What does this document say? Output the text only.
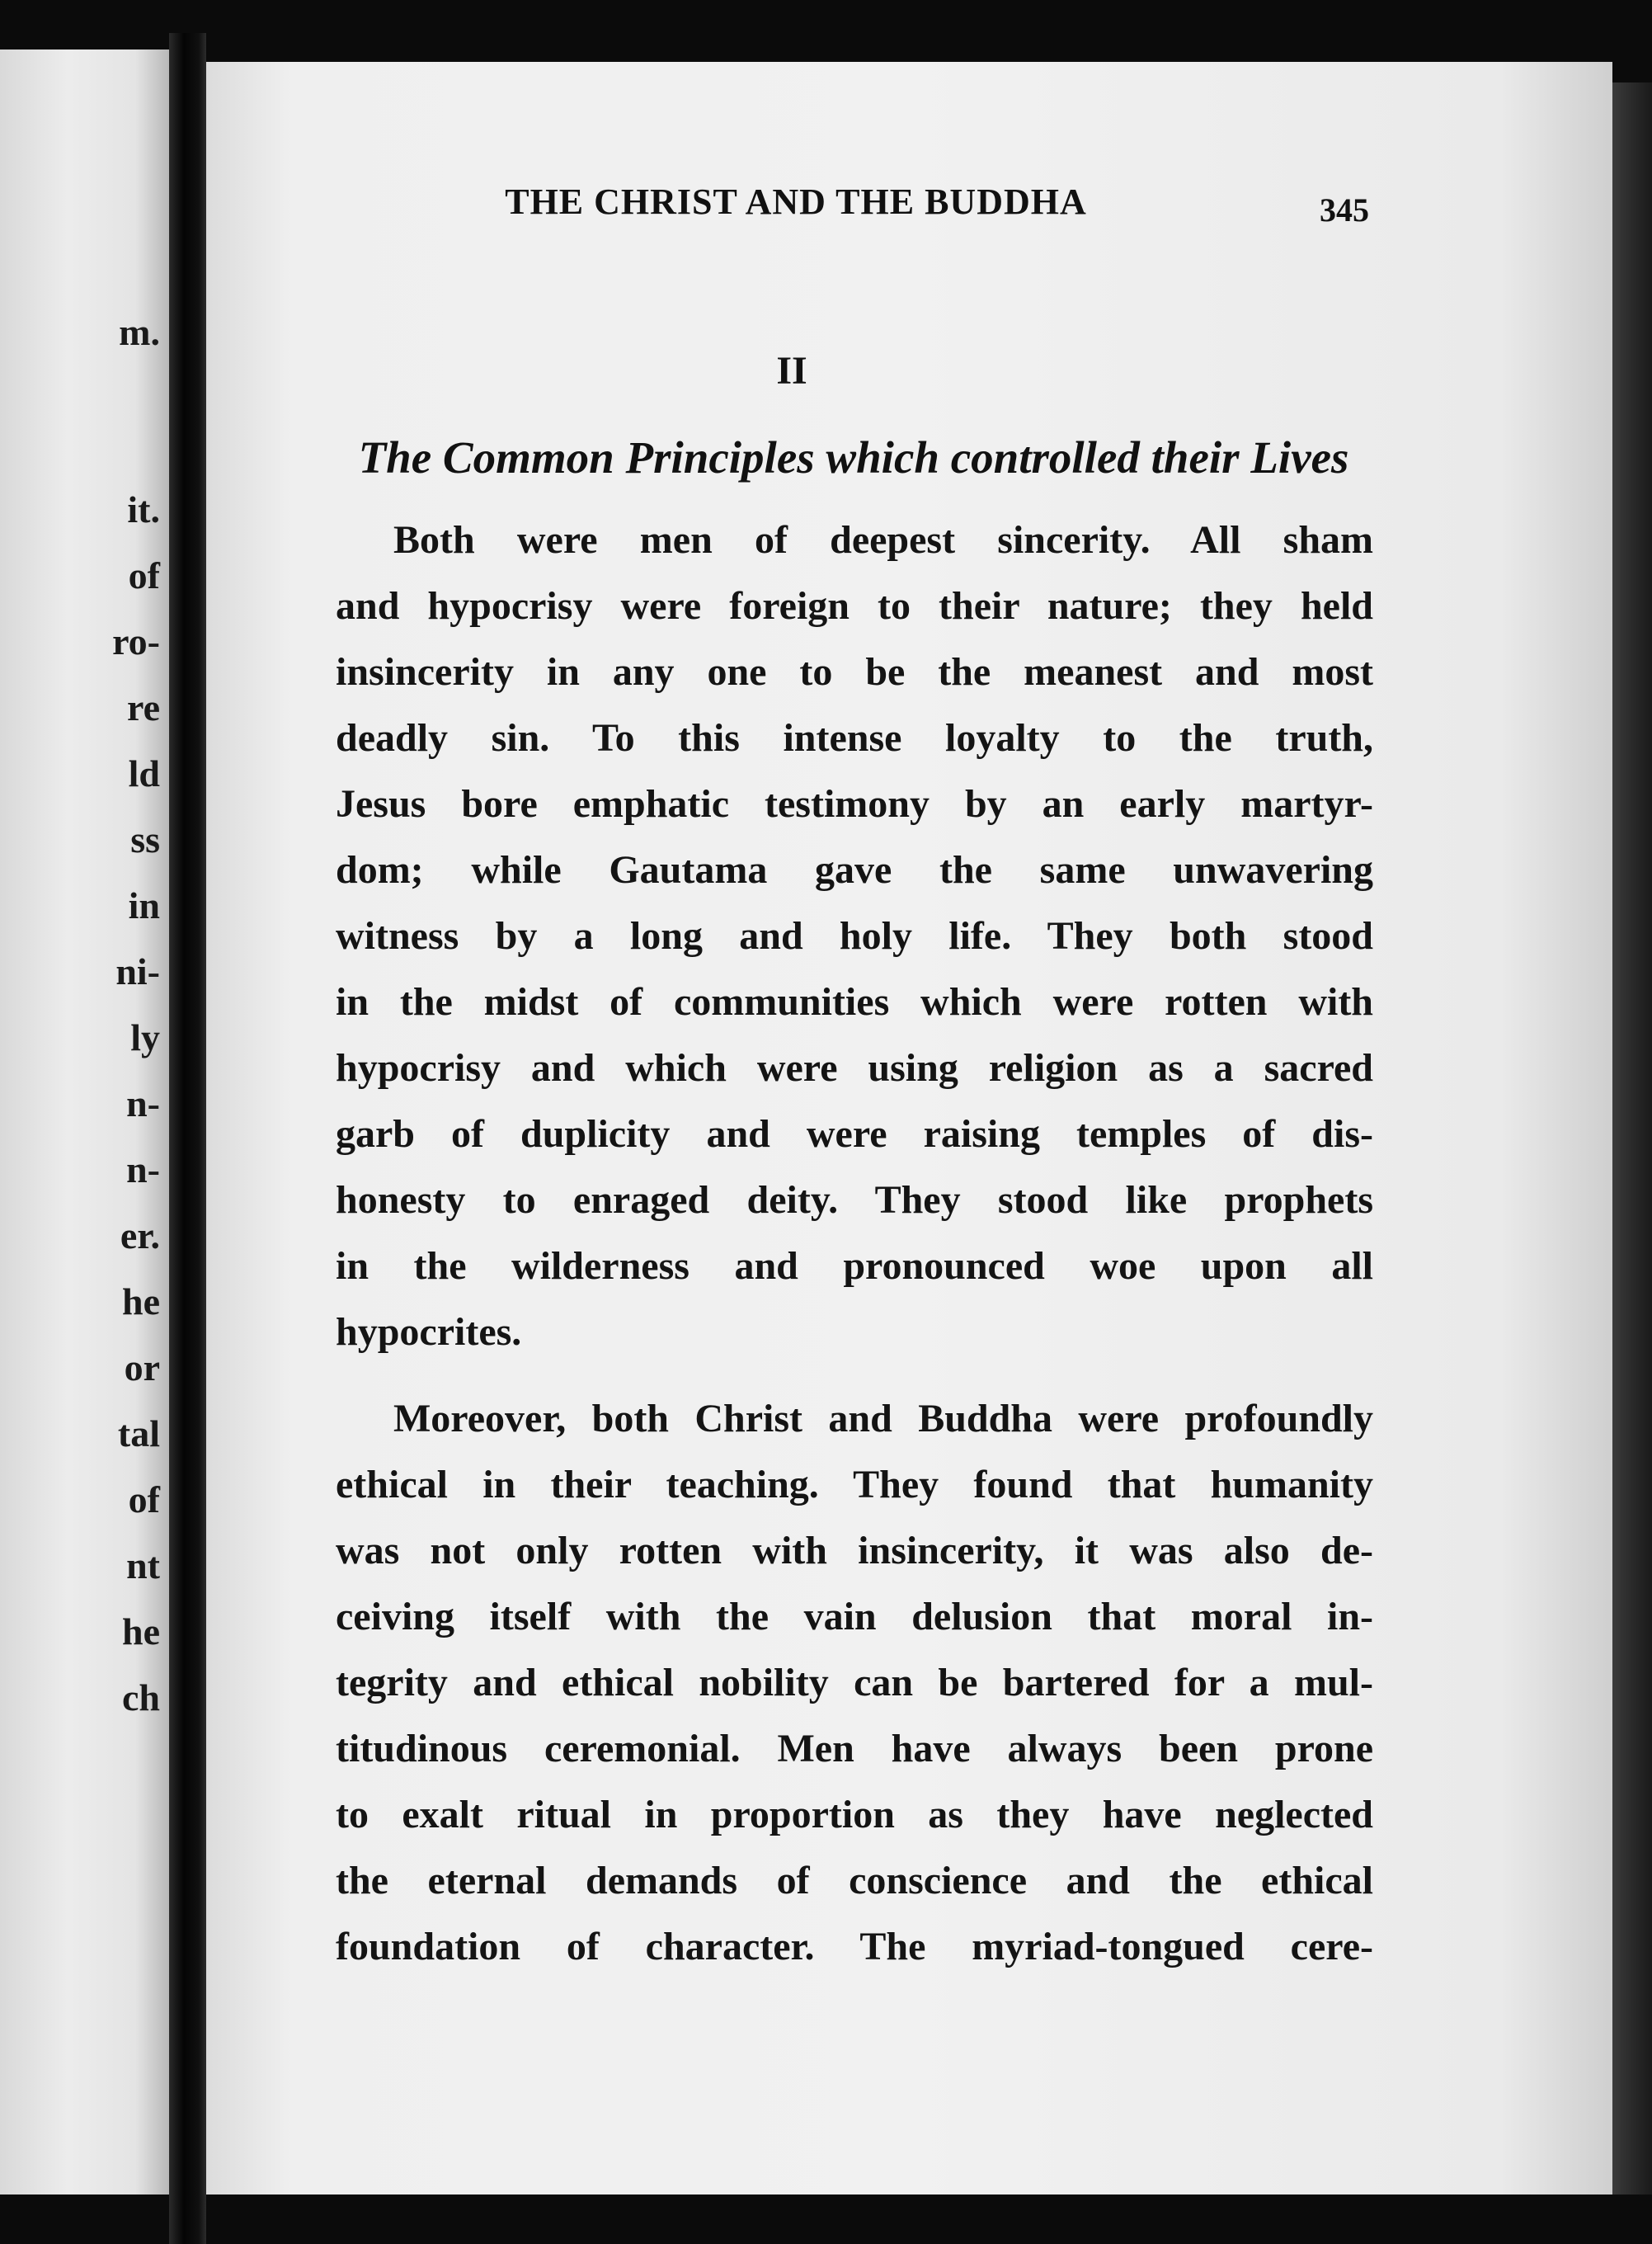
m.
it.
of
ro-
re
ld
ss
in
ni-
ly
n-
n-
er.
he
or
tal
of
nt
he
ch
THE CHRIST AND THE BUDDHA	345
II
The Common Principles which controlled their Lives
Both were men of deepest sincerity. All sham
and hypocrisy were foreign to their nature; they held
insincerity in any one to be the meanest and most
deadly sin. To this intense loyalty to the truth,
Jesus bore emphatic testimony by an early martyr-
dom; while Gautama gave the same unwavering
witness by a long and holy life. They both stood
in the midst of communities which were rotten with
hypocrisy and which were using religion as a sacred
garb of duplicity and were raising temples of dis-
honesty to enraged deity. They stood like prophets
in the wilderness and pronounced woe upon all
hypocrites.
Moreover, both Christ and Buddha were profoundly
ethical in their teaching. They found that humanity
was not only rotten with insincerity, it was also de-
ceiving itself with the vain delusion that moral in-
tegrity and ethical nobility can be bartered for a mul-
titudinous ceremonial. Men have always been prone
to exalt ritual in proportion as they have neglected
the eternal demands of conscience and the ethical
foundation of character. The myriad-tongued cere-
